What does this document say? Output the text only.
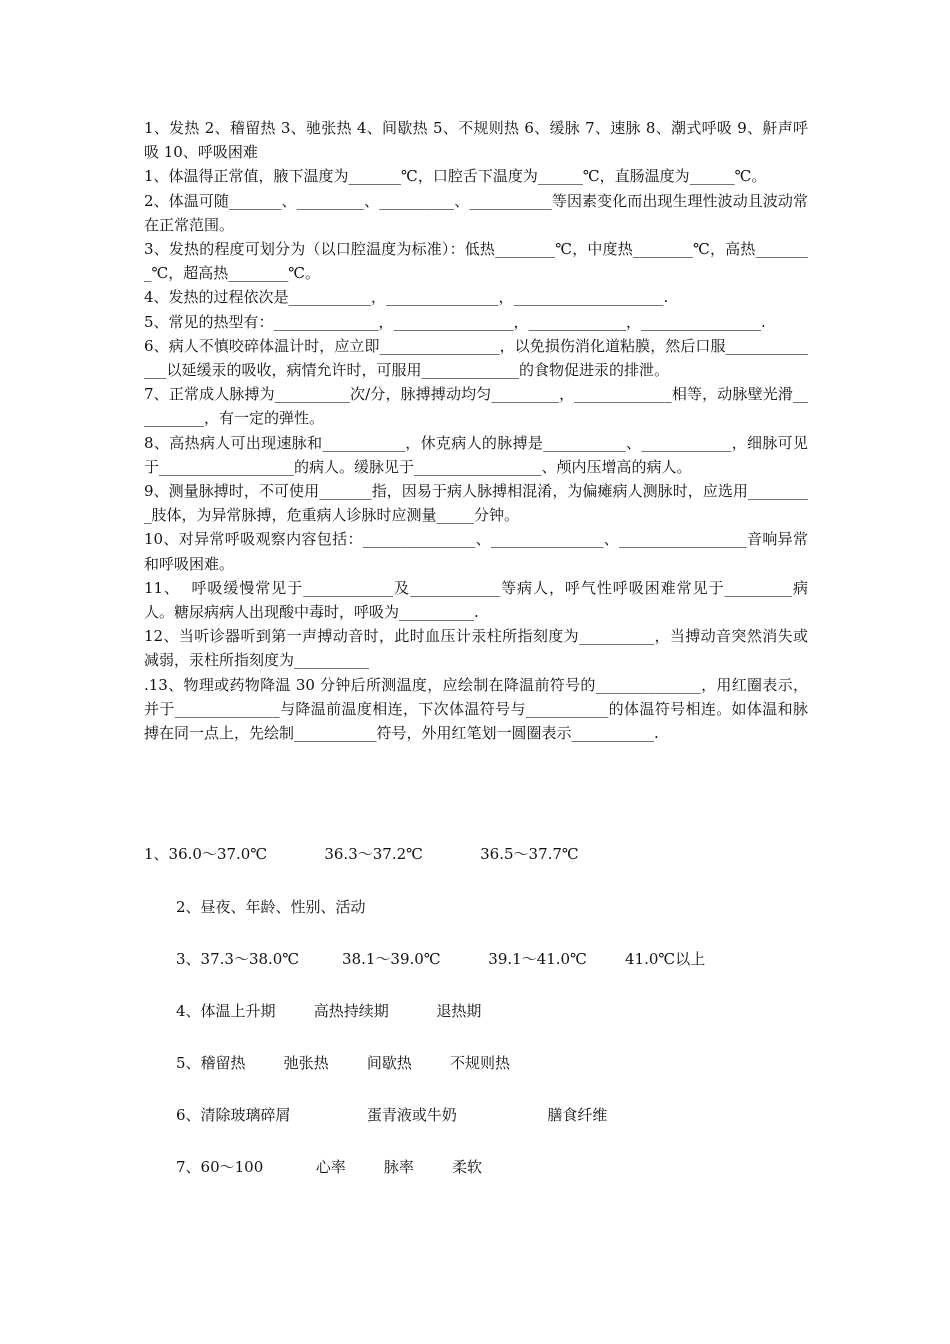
1、发热 2、稽留热 3、驰张热 4、间歇热 5、不规则热 6、缓脉 7、速脉 8、潮式呼吸 9、鼾声呼吸 10、呼吸困难

1、体温得正常值，腋下温度为_______℃，口腔舌下温度为______℃，直肠温度为______℃。

2、体温可随_______、_________、__________、___________等因素变化而出现生理性波动且波动常在正常范围。

3、发热的程度可划分为（以口腔温度为标准）：低热________℃，中度热________℃，高热________℃，超高热________℃。

4、发热的过程依次是___________，_______________，____________________.

5、常见的热型有：______________，________________，_____________，________________.

6、病人不慎咬碎体温计时，应立即________________，以免损伤消化道粘膜，然后口服______________以延缓汞的吸收，病情允许时，可服用_____________的食物促进汞的排泄。

7、正常成人脉搏为__________次/分，脉搏搏动均匀_________，_____________相等，动脉壁光滑__________，有一定的弹性。

8、高热病人可出现速脉和___________，休克病人的脉搏是___________、____________，细脉可见于__________________的病人。缓脉见于_________________、颅内压增高的病人。

9、测量脉搏时，不可使用_______指，因易于病人脉搏相混淆，为偏瘫病人测脉时，应选用_________肢体，为异常脉搏，危重病人诊脉时应测量_____分钟。

10、对异常呼吸观察内容包括：_______________、_______________、_________________音响异常和呼吸困难。

11、  呼吸缓慢常见于____________及____________等病人，呼气性呼吸困难常见于_________病人。糖尿病病人出现酸中毒时，呼吸为__________.

12、当听诊器听到第一声搏动音时，此时血压计汞柱所指刻度为__________，当搏动音突然消失或减弱，汞柱所指刻度为__________

.13、物理或药物降温 30 分钟后所测温度，应绘制在降温前符号的______________，用红圈表示，并于______________与降温前温度相连，下次体温符号与___________的体温符号相连。如体温和脉搏在同一点上，先绘制___________符号，外用红笔划一圆圈表示___________.

1、36.0～37.0℃            36.3～37.2℃            36.5～37.7℃
2、昼夜、年龄、性别、活动
3、37.3～38.0℃         38.1～39.0℃          39.1～41.0℃        41.0℃以上
4、体温上升期        高热持续期          退热期
5、稽留热        弛张热        间歇热        不规则热
6、清除玻璃碎屑                蛋青液或牛奶                   膳食纤维
7、60～100           心率        脉率        柔软
